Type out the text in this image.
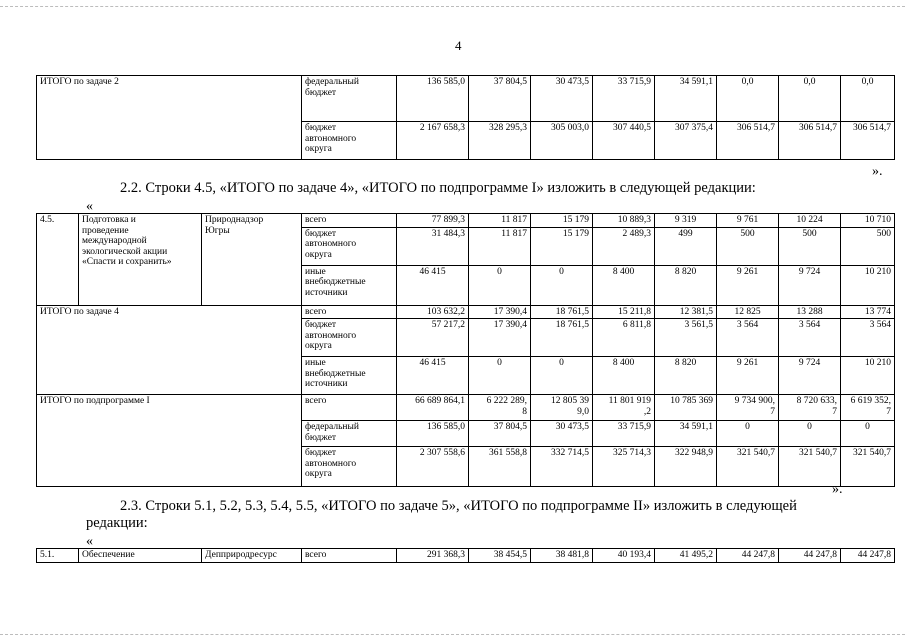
4
ИТОГО по задаче 2	федеральный
бюджет	136 585,0	37 804,5	30 473,5	33 715,9	34 591,1	0,0	0,0	0,0
	бюджет
автономного
округа	2 167 658,3	328 295,3	305 003,0	307 440,5	307 375,4	306 514,7	306 514,7	306 514,7
».
2.2. Строки 4.5, «ИТОГО по задаче 4», «ИТОГО по подпрограмме I» изложить в следующей редакции:
«
4.5.	Подготовка и
проведение
международной
экологической акции
«Спасти и сохранить»	Природнадзор
Югры	всего	77 899,3	11 817	15 179	10 889,3	9 319	9 761	10 224	10 710
			бюджет
автономного
округа	31 484,3	11 817	15 179	2 489,3	499	500	500	500
			иные
внебюджетные
источники	46 415	0	0	8 400	8 820	9 261	9 724	10 210
ИТОГО по задаче 4			всего	103 632,2	17 390,4	18 761,5	15 211,8	12 381,5	12 825	13 288	13 774
			бюджет
автономного
округа	57 217,2	17 390,4	18 761,5	6 811,8	3 561,5	3 564	3 564	3 564
			иные
внебюджетные
источники	46 415	0	0	8 400	8 820	9 261	9 724	10 210
ИТОГО по подпрограмме I			всего	66 689 864,1	6 222 289,
8	12 805 39
9,0	11 801 919
,2	10 785 369	9 734 900,
7	8 720 633,
7	6 619 352,
7
			федеральный
бюджет	136 585,0	37 804,5	30 473,5	33 715,9	34 591,1	0	0	0
			бюджет
автономного
округа	2 307 558,6	361 558,8	332 714,5	325 714,3	322 948,9	321 540,7	321 540,7	321 540,7
».
2.3. Строки 5.1, 5.2, 5.3, 5.4, 5.5, «ИТОГО по задаче 5», «ИТОГО по подпрограмме II» изложить в следующей
редакции:
«
5.1.	Обеспечение	Депприродресурс	всего	291 368,3	38 454,5	38 481,8	40 193,4	41 495,2	44 247,8	44 247,8	44 247,8
